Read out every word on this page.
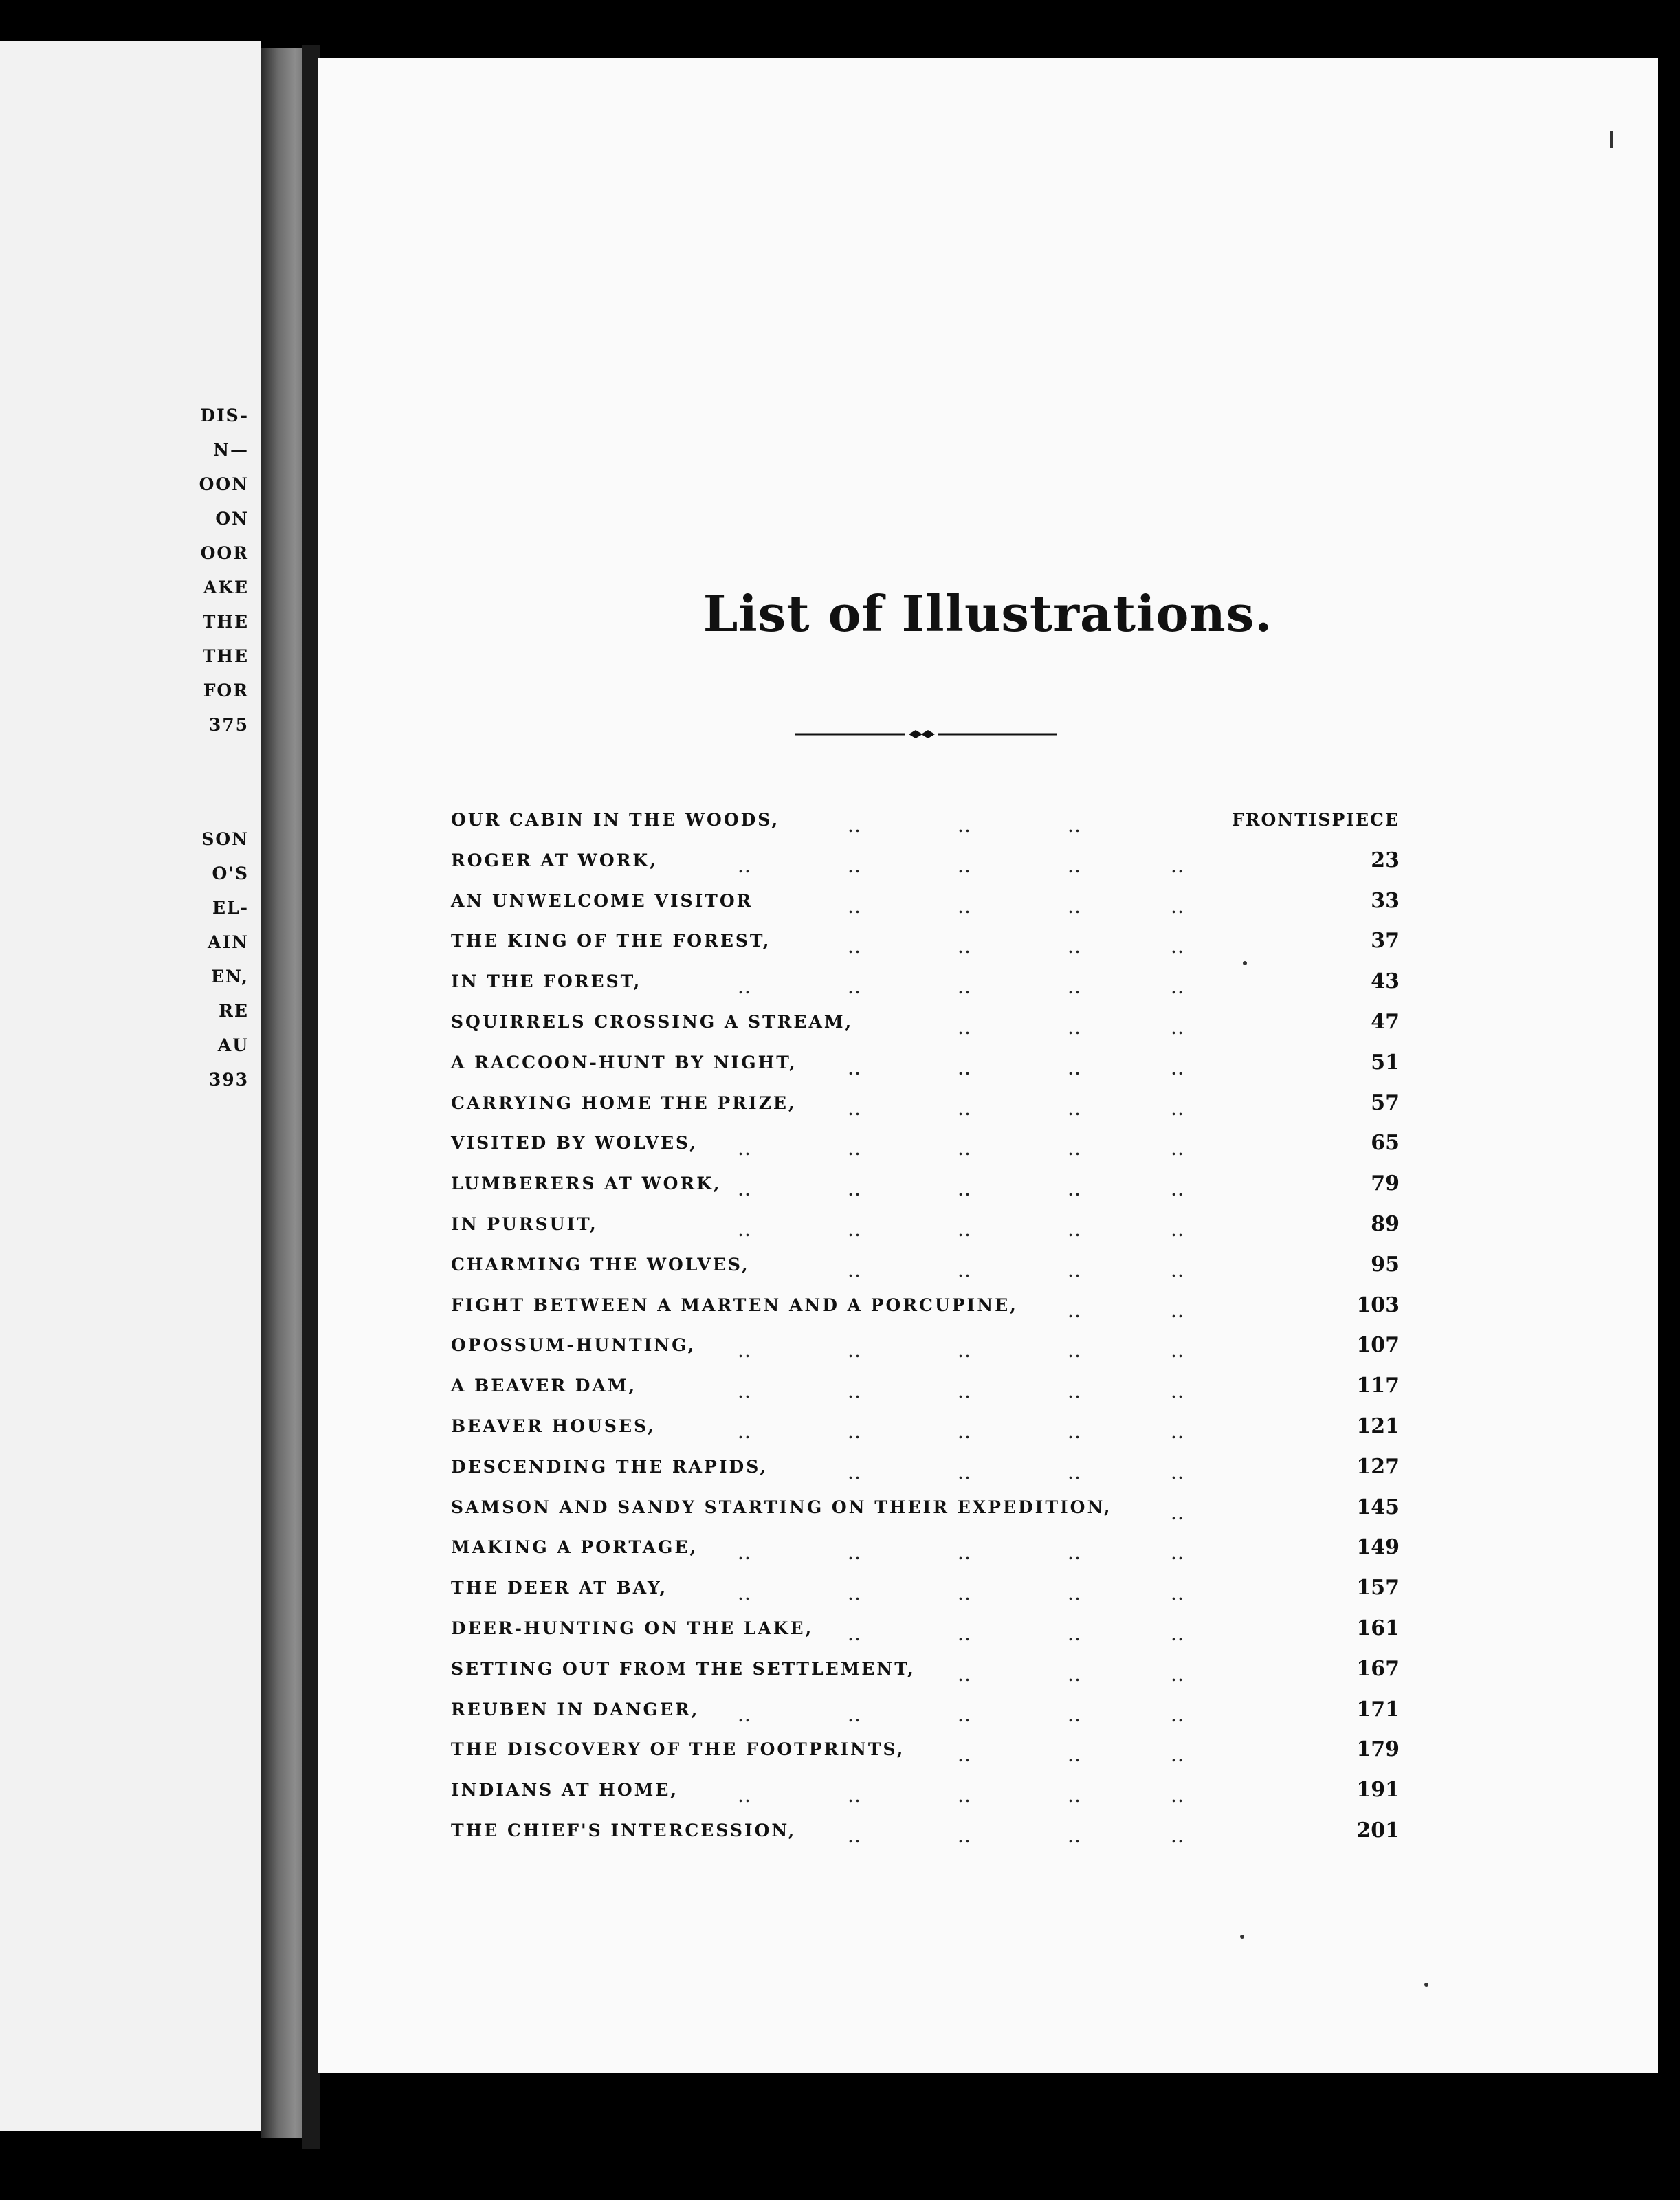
DIS-
N—
OON
ON
OOR
AKE
THE
THE
FOR
375
SON
O'S
EL-
AIN
EN,
RE
AU
393
List of Illustrations.
OUR CABIN IN THE WOODS,	..	..	..	FRONTISPIECE
ROGER AT WORK,	..	..	..	..	..	23
AN UNWELCOME VISITOR	..	..	..	..	33
THE KING OF THE FOREST,	..	..	..	..	37
IN THE FOREST,	..	..	..	..	..	43
SQUIRRELS CROSSING A STREAM,	..	..	..	47
A RACCOON-HUNT BY NIGHT,	..	..	..	..	51
CARRYING HOME THE PRIZE,	..	..	..	..	57
VISITED BY WOLVES,	..	..	..	..	..	65
LUMBERERS AT WORK, ..	..	..	..	..	79
IN PURSUIT,	..	..	..	..	..	89
CHARMING THE WOLVES,	..	..	..	..	95
FIGHT BETWEEN A MARTEN AND A PORCUPINE,	..	..	103
OPOSSUM-HUNTING,	..	..	..	..	..	107
A BEAVER DAM,	..	..	..	..	..	117
BEAVER HOUSES,	..	..	..	..	..	121
DESCENDING THE RAPIDS,	..	..	..	..	127
SAMSON AND SANDY STARTING ON THEIR EXPEDITION,	..	145
MAKING A PORTAGE,	..	..	..	..	..	149
THE DEER AT BAY,	..	..	..	..	..	157
DEER-HUNTING ON THE LAKE,	..	..	..	..	161
SETTING OUT FROM THE SETTLEMENT,	..	..	..	167
REUBEN IN DANGER,	..	..	..	..	..	171
THE DISCOVERY OF THE FOOTPRINTS,	..	..	..	179
INDIANS AT HOME,	..	..	..	..	..	191
THE CHIEF'S INTERCESSION,	..	..	..	..	201
